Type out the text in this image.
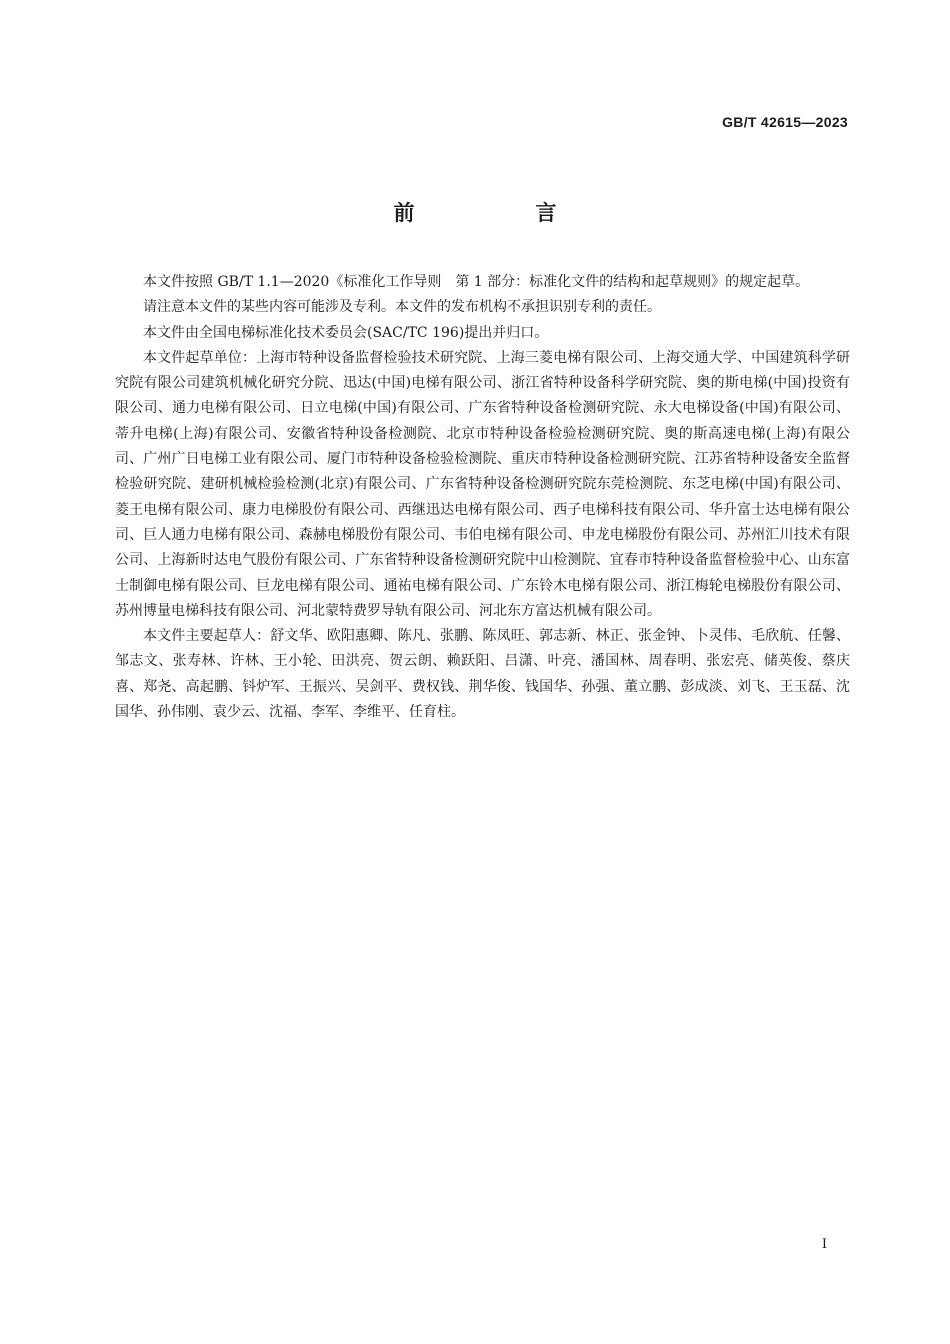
GB/T 42615—2023
前　言

本文件按照 GB/T 1.1—2020《标准化工作导则　第 1 部分：标准化文件的结构和起草规则》的规定起草。

请注意本文件的某些内容可能涉及专利。本文件的发布机构不承担识别专利的责任。

本文件由全国电梯标准化技术委员会(SAC/TC 196)提出并归口。

本文件起草单位：上海市特种设备监督检验技术研究院、上海三菱电梯有限公司、上海交通大学、中国建筑科学研究院有限公司建筑机械化研究分院、迅达(中国)电梯有限公司、浙江省特种设备科学研究院、奥的斯电梯(中国)投资有限公司、通力电梯有限公司、日立电梯(中国)有限公司、广东省特种设备检测研究院、永大电梯设备(中国)有限公司、蒂升电梯(上海)有限公司、安徽省特种设备检测院、北京市特种设备检验检测研究院、奥的斯高速电梯(上海)有限公司、广州广日电梯工业有限公司、厦门市特种设备检验检测院、重庆市特种设备检测研究院、江苏省特种设备安全监督检验研究院、建研机械检验检测(北京)有限公司、广东省特种设备检测研究院东莞检测院、东芝电梯(中国)有限公司、菱王电梯有限公司、康力电梯股份有限公司、西继迅达电梯有限公司、西子电梯科技有限公司、华升富士达电梯有限公司、巨人通力电梯有限公司、森赫电梯股份有限公司、韦伯电梯有限公司、申龙电梯股份有限公司、苏州汇川技术有限公司、上海新时达电气股份有限公司、广东省特种设备检测研究院中山检测院、宜春市特种设备监督检验中心、山东富士制御电梯有限公司、巨龙电梯有限公司、通祐电梯有限公司、广东铃木电梯有限公司、浙江梅轮电梯股份有限公司、苏州博量电梯科技有限公司、河北蒙特费罗导轨有限公司、河北东方富达机械有限公司。

本文件主要起草人：舒文华、欧阳惠卿、陈凡、张鹏、陈凤旺、郭志新、林正、张金钟、卜灵伟、毛欣航、任馨、邹志文、张寿林、许林、王小轮、田洪亮、贺云朗、赖跃阳、吕潇、叶亮、潘国林、周春明、张宏亮、储英俊、蔡庆喜、郑尧、高起鹏、钭炉军、王振兴、吴剑平、费权钱、荆华俊、钱国华、孙强、董立鹏、彭成淡、刘飞、王玉磊、沈国华、孙伟刚、袁少云、沈福、李军、李维平、任育柱。

I
